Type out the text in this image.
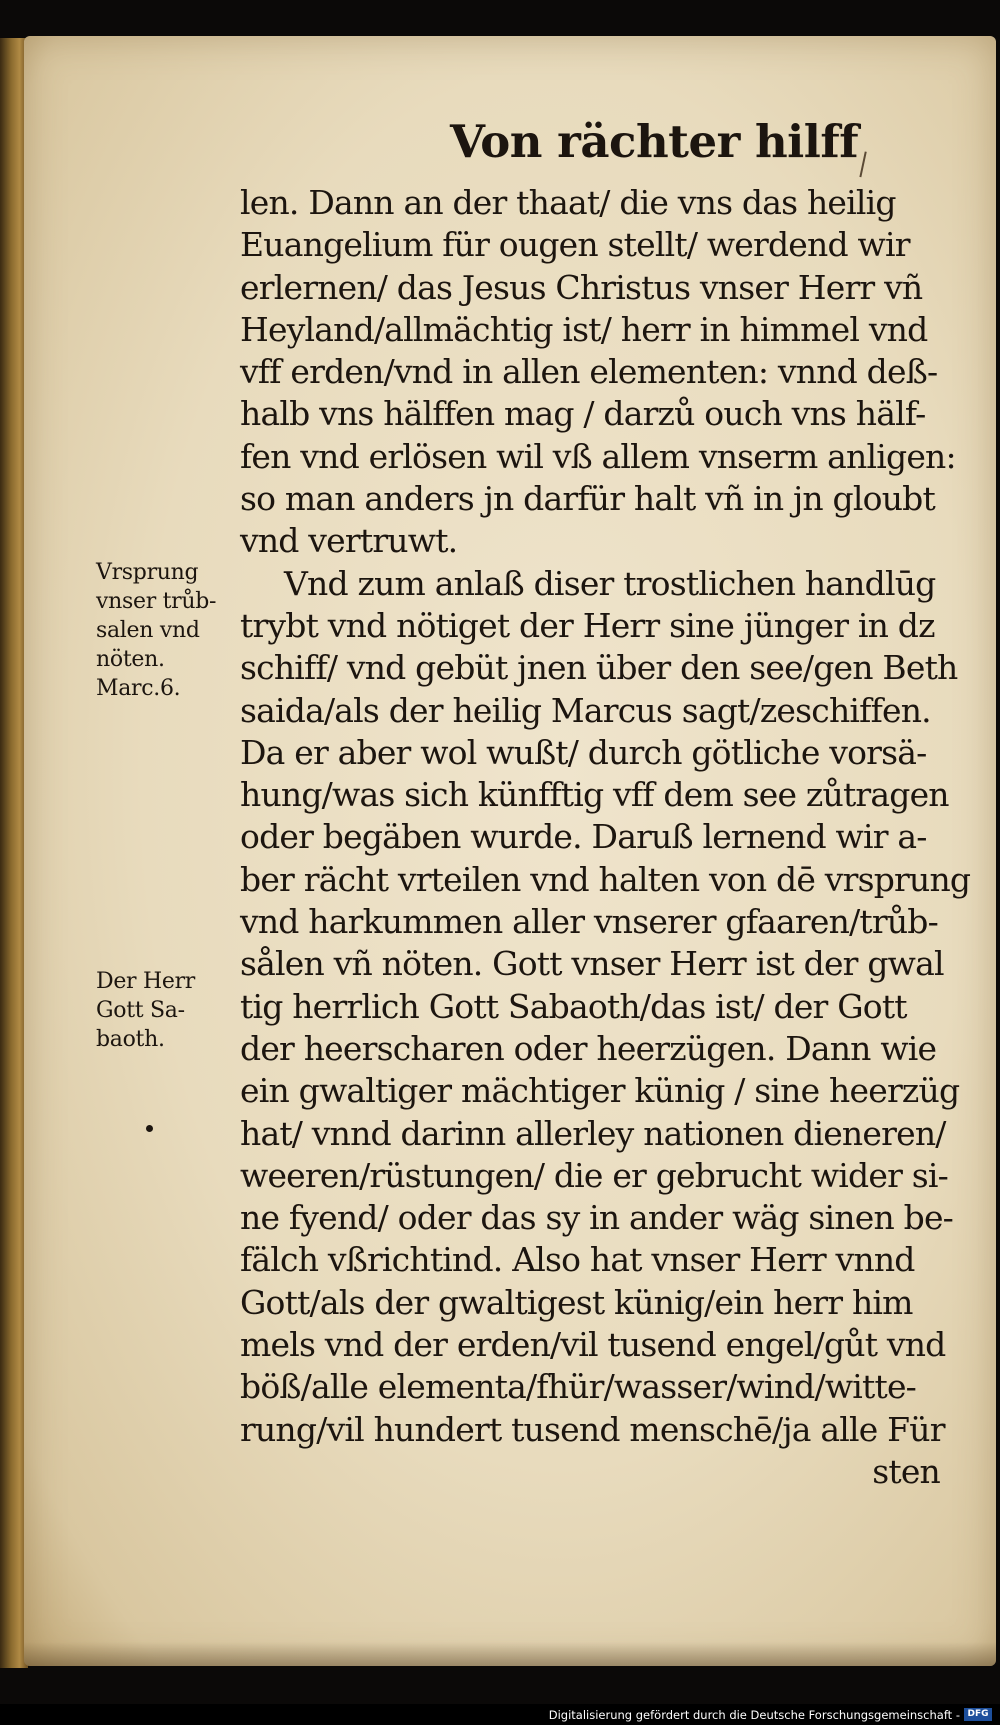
Von rächter hilff
len. Dann an der thaat/ die vns das heilig
Euangelium für ougen stellt/ werdend wir
erlernen/ das Jesus Christus vnser Herr vñ
Heyland/allmächtig ist/ herr in himmel vnd
vff erden/vnd in allen elementen: vnnd deß-
halb vns hälffen mag / darzů ouch vns hälf-
fen vnd erlösen wil vß allem vnserm anligen:
so man anders jn darfür halt vñ in jn gloubt
vnd vertruwt.
Vnd zum anlaß diser trostlichen handlūg
trybt vnd nötiget der Herr sine jünger in dz
schiff/ vnd gebüt jnen über den see/gen Beth
saida/als der heilig Marcus sagt/zeschiffen.
Da er aber wol wußt/ durch götliche vorsä-
hung/was sich künfftig vff dem see zůtragen
oder begäben wurde. Daruß lernend wir a-
ber rächt vrteilen vnd halten von dē vrsprung
vnd harkummen aller vnserer gfaaren/trůb-
sålen vñ nöten. Gott vnser Herr ist der gwal
tig herrlich Gott Sabaoth/das ist/ der Gott
der heerscharen oder heerzügen. Dann wie
ein gwaltiger mächtiger künig / sine heerzüg
hat/ vnnd darinn allerley nationen dieneren/
weeren/rüstungen/ die er gebrucht wider si-
ne fyend/ oder das sy in ander wäg sinen be-
fälch vßrichtind. Also hat vnser Herr vnnd
Gott/als der gwaltigest künig/ein herr him
mels vnd der erden/vil tusend engel/gůt vnd
böß/alle elementa/fhür/wasser/wind/witte-
rung/vil hundert tusend menschē/ja alle Für
sten
Vrsprung
vnser trůb-
salen vnd
nöten.
Marc.6.
Der Herr
Gott Sa-
baoth.
Digitalisierung gefördert durch die Deutsche Forschungsgemeinschaft - DFG
